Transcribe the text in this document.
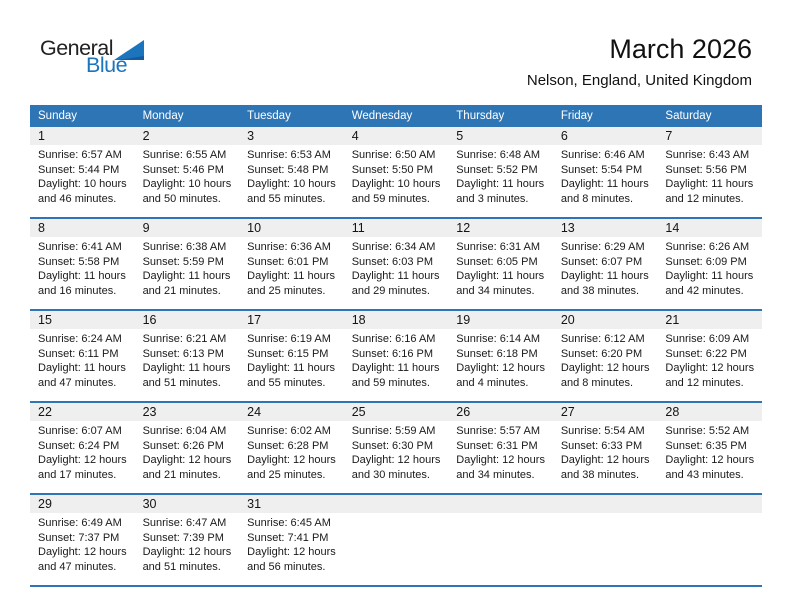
General
Blue
March 2026
Nelson, England, United Kingdom
Sunday	Monday	Tuesday	Wednesday	Thursday	Friday	Saturday
1	2	3	4	5	6	7
Sunrise: 6:57 AM
Sunset: 5:44 PM
Daylight: 10 hours
and 46 minutes.
Sunrise: 6:55 AM
Sunset: 5:46 PM
Daylight: 10 hours
and 50 minutes.
Sunrise: 6:53 AM
Sunset: 5:48 PM
Daylight: 10 hours
and 55 minutes.
Sunrise: 6:50 AM
Sunset: 5:50 PM
Daylight: 10 hours
and 59 minutes.
Sunrise: 6:48 AM
Sunset: 5:52 PM
Daylight: 11 hours
and 3 minutes.
Sunrise: 6:46 AM
Sunset: 5:54 PM
Daylight: 11 hours
and 8 minutes.
Sunrise: 6:43 AM
Sunset: 5:56 PM
Daylight: 11 hours
and 12 minutes.
8	9	10	11	12	13	14
Sunrise: 6:41 AM
Sunset: 5:58 PM
Daylight: 11 hours
and 16 minutes.
Sunrise: 6:38 AM
Sunset: 5:59 PM
Daylight: 11 hours
and 21 minutes.
Sunrise: 6:36 AM
Sunset: 6:01 PM
Daylight: 11 hours
and 25 minutes.
Sunrise: 6:34 AM
Sunset: 6:03 PM
Daylight: 11 hours
and 29 minutes.
Sunrise: 6:31 AM
Sunset: 6:05 PM
Daylight: 11 hours
and 34 minutes.
Sunrise: 6:29 AM
Sunset: 6:07 PM
Daylight: 11 hours
and 38 minutes.
Sunrise: 6:26 AM
Sunset: 6:09 PM
Daylight: 11 hours
and 42 minutes.
15	16	17	18	19	20	21
Sunrise: 6:24 AM
Sunset: 6:11 PM
Daylight: 11 hours
and 47 minutes.
Sunrise: 6:21 AM
Sunset: 6:13 PM
Daylight: 11 hours
and 51 minutes.
Sunrise: 6:19 AM
Sunset: 6:15 PM
Daylight: 11 hours
and 55 minutes.
Sunrise: 6:16 AM
Sunset: 6:16 PM
Daylight: 11 hours
and 59 minutes.
Sunrise: 6:14 AM
Sunset: 6:18 PM
Daylight: 12 hours
and 4 minutes.
Sunrise: 6:12 AM
Sunset: 6:20 PM
Daylight: 12 hours
and 8 minutes.
Sunrise: 6:09 AM
Sunset: 6:22 PM
Daylight: 12 hours
and 12 minutes.
22	23	24	25	26	27	28
Sunrise: 6:07 AM
Sunset: 6:24 PM
Daylight: 12 hours
and 17 minutes.
Sunrise: 6:04 AM
Sunset: 6:26 PM
Daylight: 12 hours
and 21 minutes.
Sunrise: 6:02 AM
Sunset: 6:28 PM
Daylight: 12 hours
and 25 minutes.
Sunrise: 5:59 AM
Sunset: 6:30 PM
Daylight: 12 hours
and 30 minutes.
Sunrise: 5:57 AM
Sunset: 6:31 PM
Daylight: 12 hours
and 34 minutes.
Sunrise: 5:54 AM
Sunset: 6:33 PM
Daylight: 12 hours
and 38 minutes.
Sunrise: 5:52 AM
Sunset: 6:35 PM
Daylight: 12 hours
and 43 minutes.
29	30	31
Sunrise: 6:49 AM
Sunset: 7:37 PM
Daylight: 12 hours
and 47 minutes.
Sunrise: 6:47 AM
Sunset: 7:39 PM
Daylight: 12 hours
and 51 minutes.
Sunrise: 6:45 AM
Sunset: 7:41 PM
Daylight: 12 hours
and 56 minutes.
